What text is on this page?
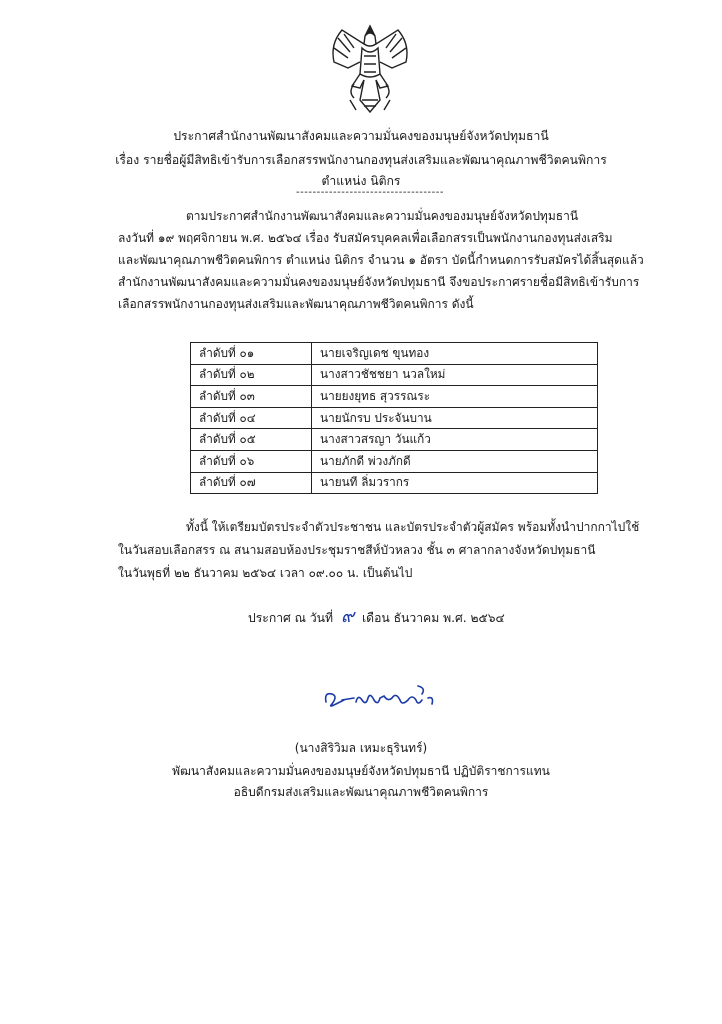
ประกาศสำนักงานพัฒนาสังคมและความมั่นคงของมนุษย์จังหวัดปทุมธานี
เรื่อง รายชื่อผู้มีสิทธิเข้ารับการเลือกสรรพนักงานกองทุนส่งเสริมและพัฒนาคุณภาพชีวิตคนพิการ
ตำแหน่ง นิติกร
------------------------------------
ตามประกาศสำนักงานพัฒนาสังคมและความมั่นคงของมนุษย์จังหวัดปทุมธานี
ลงวันที่ ๑๙ พฤศจิกายน พ.ศ. ๒๕๖๔ เรื่อง รับสมัครบุคคลเพื่อเลือกสรรเป็นพนักงานกองทุนส่งเสริม
และพัฒนาคุณภาพชีวิตคนพิการ ตำแหน่ง นิติกร จำนวน ๑ อัตรา บัดนี้กำหนดการรับสมัครได้สิ้นสุดแล้ว
สำนักงานพัฒนาสังคมและความมั่นคงของมนุษย์จังหวัดปทุมธานี จึงขอประกาศรายชื่อมีสิทธิเข้ารับการ
เลือกสรรพนักงานกองทุนส่งเสริมและพัฒนาคุณภาพชีวิตคนพิการ ดังนี้
ลำดับที่ ๐๑	นายเจริญเดช ขุนทอง
ลำดับที่ ๐๒	นางสาวชัชชยา นวลใหม่
ลำดับที่ ๐๓	นายยงยุทธ สุวรรณระ
ลำดับที่ ๐๔	นายนักรบ ประจันบาน
ลำดับที่ ๐๕	นางสาวสรญา วันแก้ว
ลำดับที่ ๐๖	นายภักดี พ่วงภักดี
ลำดับที่ ๐๗	นายนที ลิ่มวรากร
ทั้งนี้ ให้เตรียมบัตรประจำตัวประชาชน และบัตรประจำตัวผู้สมัคร พร้อมทั้งนำปากกาไปใช้
ในวันสอบเลือกสรร ณ สนามสอบห้องประชุมราชสีห์บัวหลวง ชั้น ๓ ศาลากลางจังหวัดปทุมธานี
ในวันพุธที่ ๒๒ ธันวาคม ๒๕๖๔ เวลา ๐๙.๐๐ น. เป็นต้นไป
ประกาศ ณ วันที่ ๙ เดือน ธันวาคม พ.ศ. ๒๕๖๔
(นางสิริวิมล เหมะธุรินทร์)
พัฒนาสังคมและความมั่นคงของมนุษย์จังหวัดปทุมธานี ปฏิบัติราชการแทน
อธิบดีกรมส่งเสริมและพัฒนาคุณภาพชีวิตคนพิการ
